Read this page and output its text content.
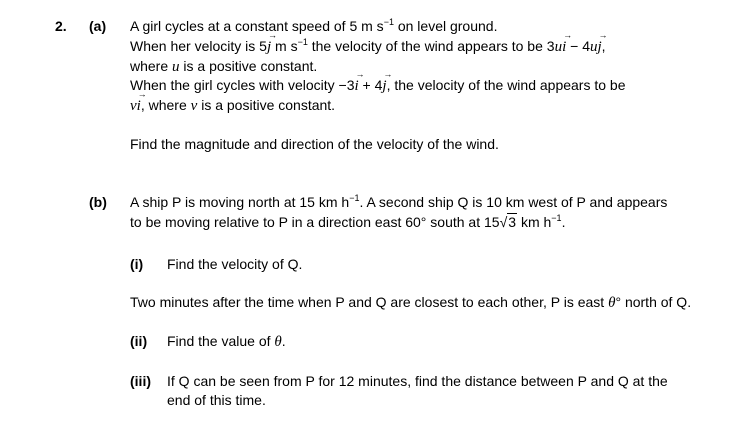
2. (a) A girl cycles at a constant speed of 5 m $s^{-1}$ on level ground.
When her velocity is 5j → m $s^{-1}$ the velocity of the wind appears to be 3ui → − 4uj →,
where u is a positive constant.
When the girl cycles with velocity −3i → + 4j →, the velocity of the wind appears to be
vi →, where v is a positive constant.
Find the magnitude and direction of the velocity of the wind.
(b) A ship P is moving north at 15 km $h^{-1}$. A second ship Q is 10 km west of P and appears
to be moving relative to P in a direction east 60° south at 15√3 km $h^{-1}$.
(i) Find the velocity of Q.
Two minutes after the time when P and Q are closest to each other, P is east θ° north of Q.
(ii) Find the value of θ.
(iii) If Q can be seen from P for 12 minutes, find the distance between P and Q at the
end of this time.
